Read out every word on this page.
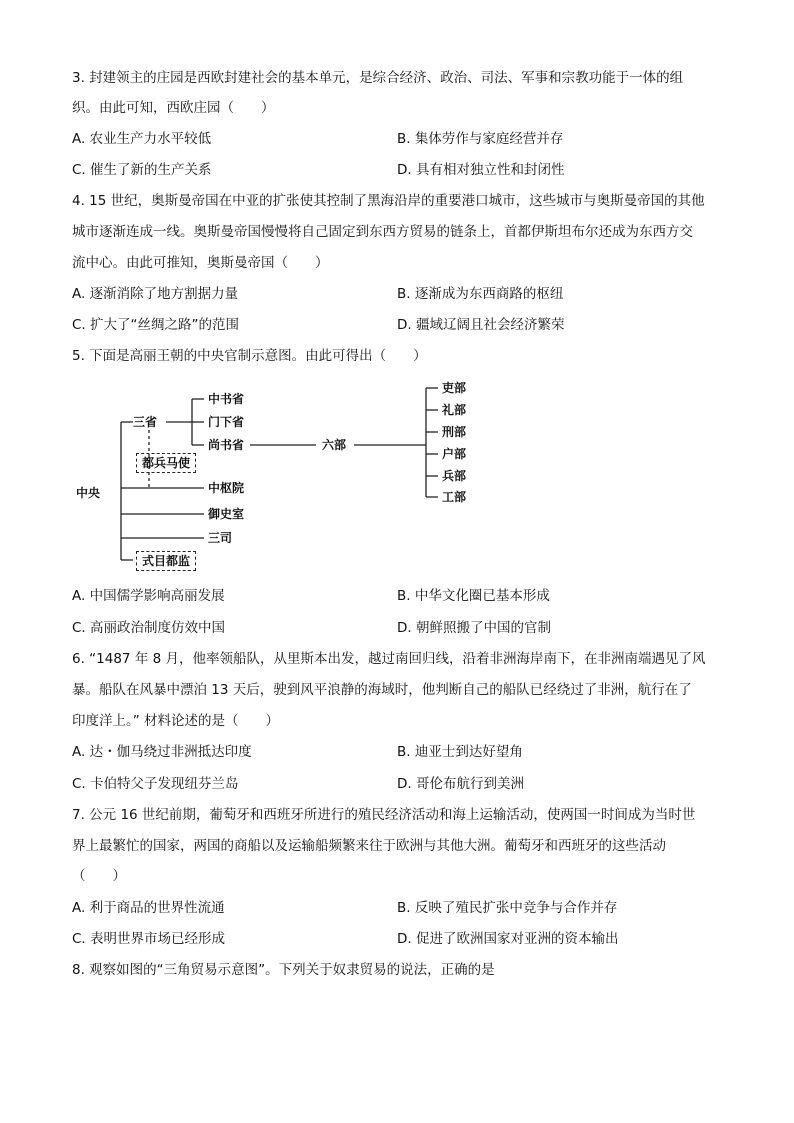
3. 封建领主的庄园是西欧封建社会的基本单元，是综合经济、政治、司法、军事和宗教功能于一体的组
织。由此可知，西欧庄园（　　）
A. 农业生产力水平较低	B. 集体劳作与家庭经营并存
C. 催生了新的生产关系	D. 具有相对独立性和封闭性
4. 15 世纪，奥斯曼帝国在中亚的扩张使其控制了黑海沿岸的重要港口城市，这些城市与奥斯曼帝国的其他
城市逐渐连成一线。奥斯曼帝国慢慢将自己固定到东西方贸易的链条上，首都伊斯坦布尔还成为东西方交
流中心。由此可推知，奥斯曼帝国（　　）
A. 逐渐消除了地方割据力量	B. 逐渐成为东西商路的枢纽
C. 扩大了“丝绸之路”的范围	D. 疆域辽阔且社会经济繁荣
5. 下面是高丽王朝的中央官制示意图。由此可得出（　　）
三省
中书省
门下省
尚书省	六部
吏部
礼部
刑部
户部
兵部
工部
都兵马使
中央	中枢院
御史室
三司
式目都监
A. 中国儒学影响高丽发展	B. 中华文化圈已基本形成
C. 高丽政治制度仿效中国	D. 朝鲜照搬了中国的官制
6. “1487 年 8 月，他率领船队，从里斯本出发，越过南回归线，沿着非洲海岸南下，在非洲南端遇见了风
暴。船队在风暴中漂泊 13 天后，驶到风平浪静的海域时，他判断自己的船队已经绕过了非洲，航行在了
印度洋上。” 材料论述的是（　　）
A. 达・伽马绕过非洲抵达印度	B. 迪亚士到达好望角
C. 卡伯特父子发现纽芬兰岛	D. 哥伦布航行到美洲
7. 公元 16 世纪前期，葡萄牙和西班牙所进行的殖民经济活动和海上运输活动，使两国一时间成为当时世
界上最繁忙的国家，两国的商船以及运输船频繁来往于欧洲与其他大洲。葡萄牙和西班牙的这些活动
（　　）
A. 利于商品的世界性流通	B. 反映了殖民扩张中竞争与合作并存
C. 表明世界市场已经形成	D. 促进了欧洲国家对亚洲的资本输出
8. 观察如图的“三角贸易示意图”。下列关于奴隶贸易的说法，正确的是
